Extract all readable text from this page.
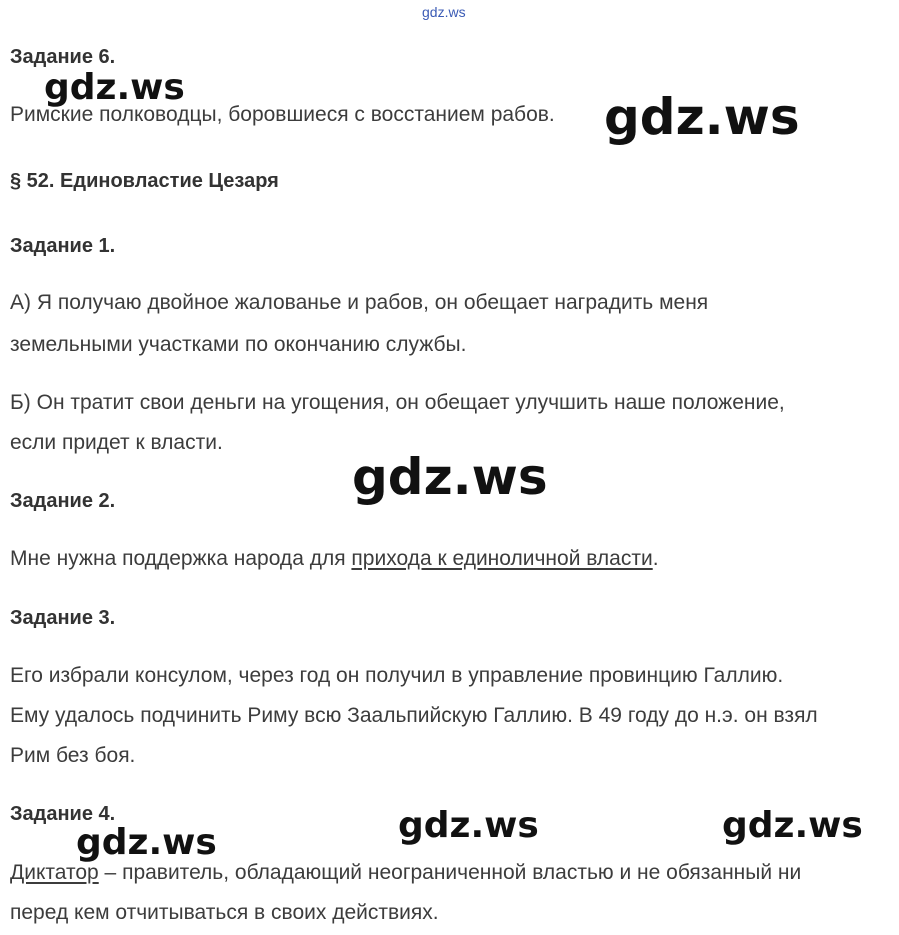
gdz.ws
Задание 6.
Римские полководцы, боровшиеся с восстанием рабов.
§ 52. Единовластие Цезаря
Задание 1.
А) Я получаю двойное жалованье и рабов, он обещает наградить меня
земельными участками по окончанию службы.
Б) Он тратит свои деньги на угощения, он обещает улучшить наше положение,
если придет к власти.
Задание 2.
Мне нужна поддержка народа для прихода к единоличной власти.
Задание 3.
Его избрали консулом, через год он получил в управление провинцию Галлию.
Ему удалось подчинить Риму всю Заальпийскую Галлию. В 49 году до н.э. он взял
Рим без боя.
Задание 4.
Диктатор – правитель, обладающий неограниченной властью и не обязанный ни
перед кем отчитываться в своих действиях.
gdz.ws
gdz.ws
gdz.ws
gdz.ws	gdz.ws	gdz.ws
